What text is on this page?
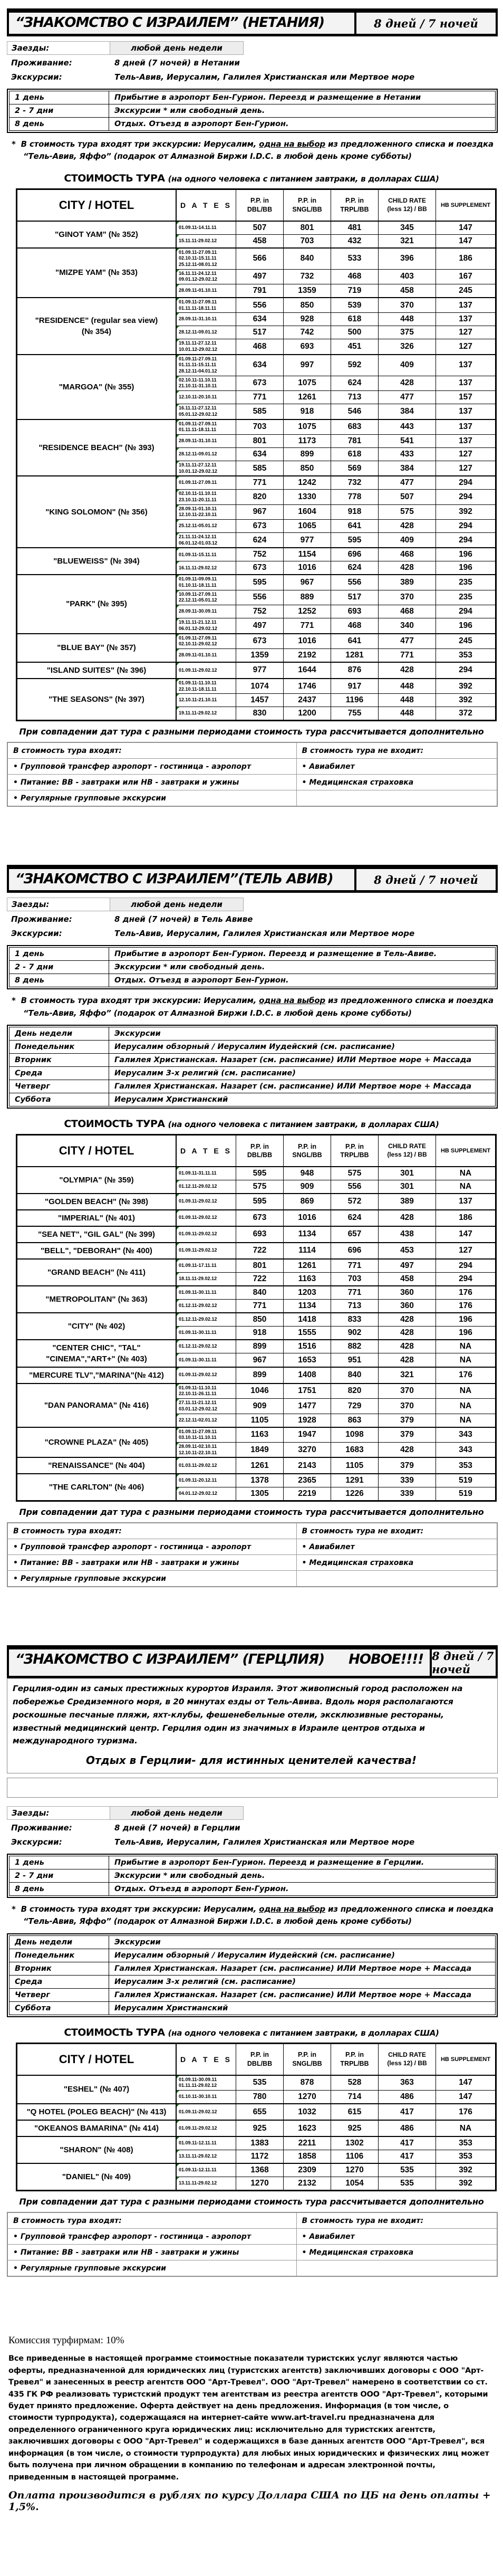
“ЗНАКОМСТВО С ИЗРАИЛЕМ” (НЕТАНИЯ)	8 дней / 7 ночей
Заезды:	любой день недели
Проживание:	8 дней (7 ночей) в Нетании
Экскурсии:	Тель-Авив, Иерусалим, Галилея Христианская или Мертвое море
1 день	Прибытие в аэропорт Бен-Гурион. Переезд и размещение в Нетании
2 - 7 дни	Экскурсии * или свободный день.
8 день	Отдых. Отъезд в аэропорт Бен-Гурион.
* В стоимость тура входят три экскурсии: Иерусалим, одна на выбор из предложенного списка и поездка “Тель-Авив, Яффо” (подарок от Алмазной Биржи I.D.C. в любой день кроме субботы)
СТОИМОСТЬ ТУРА (на одного человека с питанием завтраки, в долларах США)
CITY / HOTEL	D A T E S

P.P. in
DBL/BB

P.P. in
SNGL/BB

P.P. in
TRPL/BB

CHILD RATE
(less 12) / BB	HB SUPPLEMENT

"GINOT YAM" (№ 352)	01.09.11-14.11.11	507	801	481	345	147

	15.11.11-29.02.12	458	703	432	321	147

"MIZPE YAM" (№ 353)	01.09.11-27.09.11
02.10.11-15.11.11
25.12.11-08.01.12	566	840	533	396	186

	16.11.11-24.12.11
09.01.12-29.02.12	497	732	468	403	167

	28.09.11-01.10.11	791	1359	719	458	245

"RESIDENCE" (regular sea view)
(№ 354)

01.09.11-27.09.11
01.11.11-18.11.11	556	850	539	370	137

	28.09.11-31.10.11	634	928	618	448	137

	28.12.11-09.01.12	517	742	500	375	127

	19.11.11-27.12.11
10.01.12-29.02.12	468	693	451	326	127

"MARGOA" (№ 355)	01.09.11-27.09.11
01.11.11-15.11.11
28.12.11-04.01.12	634	997	592	409	137

	02.10.11-11.10.11
21.10.11-31.10.11	673	1075	624	428	137

	12.10.11-20.10.11	771	1261	713	477	157

	16.11.11-27.12.11
05.01.12-29.02.12	585	918	546	384	137

"RESIDENCE BEACH" (№ 393)	01.09.11-27.09.11
01.11.11-18.11.11	703	1075	683	443	137

	28.09.11-31.10.11	801	1173	781	541	137

	28.12.11-09.01.12	634	899	618	433	127

	19.11.11-27.12.11
10.01.12-29.02.12	585	850	569	384	127

"KING SOLOMON" (№ 356)	01.09.11-27.09.11	771	1242	732	477	294

	02.10.11-11.10.11
23.10.11-20.11.11	820	1330	778	507	294

	28.09.11-01.10.11
12.10.11-22.10.11	967	1604	918	575	392

	25.12.11-05.01.12	673	1065	641	428	294

	21.11.11-24.12.11
06.01.12-01.03.12	624	977	595	409	294

"BLUEWEISS" (№ 394)	01.09.11-15.11.11	752	1154	696	468	196

	16.11.11-29.02.12	673	1016	624	428	196

"PARK" (№ 395)	01.09.11-09.09.11
01.10.11-18.11.11	595	967	556	389	235

	10.09.11-27.09.11
22.12.11-05.01.12	556	889	517	370	235

	28.09.11-30.09.11	752	1252	693	468	294

	19.11.11-21.12.11
06.01.12-29.02.12	497	771	468	340	196

"BLUE BAY" (№ 357)	01.09.11-27.09.11
02.10.11-29.02.12	673	1016	641	477	245

	28.09.11-01.10.11	1359	2192	1281	771	353

"ISLAND SUITES" (№ 396)	01.09.11-29.02.12	977	1644	876	428	294

"THE SEASONS" (№ 397)	01.09.11-11.10.11
22.10.11-18.11.11	1074	1746	917	448	392

	12.10.11-21.10.11	1457	2437	1196	448	392

	19.11.11-29.02.12	830	1200	755	448	372
При совпадении дат тура с разными периодами стоимость тура рассчитывается дополнительно
В стоимость тура входят:	В стоимость тура не входит:
• Групповой трансфер аэропорт - гостиница - аэропорт	• Авиабилет
• Питание: BB - завтраки или HB - завтраки и ужины	• Медицинская страховка
• Регулярные групповые экскурсии	
“ЗНАКОМСТВО С ИЗРАИЛЕМ”(ТЕЛЬ АВИВ)	8 дней / 7 ночей
Заезды:	любой день недели
Проживание:	8 дней (7 ночей) в Тель Авиве
Экскурсии:	Тель-Авив, Иерусалим, Галилея Христианская или Мертвое море
1 день	Прибытие в аэропорт Бен-Гурион. Переезд и размещение в Тель-Авиве.
2 - 7 дни	Экскурсии * или свободный день.
8 день	Отдых. Отъезд в аэропорт Бен-Гурион.
* В стоимость тура входят три экскурсии: Иерусалим, одна на выбор из предложенного списка и поездка “Тель-Авив, Яффо” (подарок от Алмазной Биржи I.D.C. в любой день кроме субботы)
День недели	Экскурсии
Понедельник	Иерусалим обзорный / Иерусалим Иудейский (см. расписание)
Вторник	Галилея Христианская. Назарет (см. расписание) ИЛИ Мертвое море + Массада
Среда	Иерусалим 3-х религий (см. расписание)
Четверг	Галилея Христианская. Назарет (см. расписание) ИЛИ Мертвое море + Массада
Суббота	Иерусалим Христианский
СТОИМОСТЬ ТУРА (на одного человека с питанием завтраки, в долларах США)
CITY / HOTEL	D A T E S

P.P. in
DBL/BB

P.P. in
SNGL/BB

P.P. in
TRPL/BB

CHILD RATE
(less 12) / BB	HB SUPPLEMENT

"OLYMPIA" (№ 359)	01.09.11-31.11.11	595	948	575	301	NA

	01.12.11-29.02.12	575	909	556	301	NA

"GOLDEN BEACH" (№ 398)	01.09.11-29.02.12	595	869	572	389	137

"IMPERIAL" (№ 401)	01.09.11-29.02.12	673	1016	624	428	186

"SEA NET", "GIL GAL" (№ 399)	01.09.11-29.02.12	693	1134	657	438	147

"BELL", "DEBORAH" (№ 400)	01.09.11-29.02.12	722	1114	696	453	127

"GRAND BEACH" (№ 411)	01.09.11-17.11.11	801	1261	771	497	294

	18.11.11-29.02.12	722	1163	703	458	294

"METROPOLITAN" (№ 363)	01.09.11-30.11.11	840	1203	771	360	176

	01.12.11-29.02.12	771	1134	713	360	176

"CITY" (№ 402)	01.12.11-29.02.12	850	1418	833	428	196

	01.09.11-30.11.11	918	1555	902	428	196

"CENTER CHIC", "TAL"
"CINEMA","ART+" (№ 403)	01.12.11-29.02.12	899	1516	882	428	NA

	01.09.11-30.11.11	967	1653	951	428	NA

"MERCURE TLV","MARINA"(№ 412)	01.09.11-29.02.12	899	1408	840	321	176

"DAN PANORAMA" (№ 416)	01.09.11-11.10.11
22.10.11-26.11.11	1046	1751	820	370	NA

	27.11.11-21.12.11
03.01.12-29.02.12	909	1477	729	370	NA

	22.12.11-02.01.12	1105	1928	863	379	NA

"CROWNE PLAZA" (№ 405)	01.09.11-27.09.11
03.10.11-11.10.11	1163	1947	1098	379	343

	28.09.11-02.10.11
12.10.11-22.10.11	1849	3270	1683	428	343

"RENAISSANCE" (№ 404)	01.03.11-29.02.12	1261	2143	1105	379	353

"THE CARLTON" (№ 406)	01.09.11-20.12.11	1378	2365	1291	339	519

	04.01.12-29.02.12	1305	2219	1226	339	519
При совпадении дат тура с разными периодами стоимость тура рассчитывается дополнительно
В стоимость тура входят:	В стоимость тура не входит:
• Групповой трансфер аэропорт - гостиница - аэропорт	• Авиабилет
• Питание: BB - завтраки или HB - завтраки и ужины	• Медицинская страховка
• Регулярные групповые экскурсии	
“ЗНАКОМСТВО С ИЗРАИЛЕМ” (ГЕРЦЛИЯ) НОВОЕ!!!! 8 дней / 7 ночей
Герцлия-один из самых престижных курортов Израиля. Этот живописный город расположен на побережье Средиземного моря, в 20 минутах езды от Тель-Авива. Вдоль моря располагаются роскошные песчаные пляжи, яхт-клубы, фешенебельные отели, эксклюзивные рестораны, известный медицинский центр. Герцлия один из значимых в Израиле центров отдыха и международного туризма.
Отдых в Герцлии- для истинных ценителей качества!
Заезды:	любой день недели
Проживание:	8 дней (7 ночей) в Герцлии
Экскурсии:	Тель-Авив, Иерусалим, Галилея Христианская или Мертвое море
1 день	Прибытие в аэропорт Бен-Гурион. Переезд и размещение в Герцлии.
2 - 7 дни	Экскурсии * или свободный день.
8 день	Отдых. Отъезд в аэропорт Бен-Гурион.
* В стоимость тура входят три экскурсии: Иерусалим, одна на выбор из предложенного списка и поездка “Тель-Авив, Яффо” (подарок от Алмазной Биржи I.D.C. в любой день кроме субботы)
День недели	Экскурсии
Понедельник	Иерусалим обзорный / Иерусалим Иудейский (см. расписание)
Вторник	Галилея Христианская. Назарет (см. расписание) ИЛИ Мертвое море + Массада
Среда	Иерусалим 3-х религий (см. расписание)
Четверг	Галилея Христианская. Назарет (см. расписание) ИЛИ Мертвое море + Массада
Суббота	Иерусалим Христианский
СТОИМОСТЬ ТУРА (на одного человека с питанием завтраки, в долларах США)
CITY / HOTEL	D A T E S

P.P. in
DBL/BB

P.P. in
SNGL/BB

P.P. in
TRPL/BB

CHILD RATE
(less 12) / BB	HB SUPPLEMENT

"ESHEL" (№ 407)	01.09.11-30.09.11
01.11.11-29.02.12	535	878	528	363	147

	01.10.11-30.10.11	780	1270	714	486	147

"Q HOTEL (POLEG BEACH)" (№ 413)	01.09.11-29.02.12	655	1032	615	417	176

"OKEANOS BAMARINA" (№ 414)	01.09.11-29.02.12	925	1623	925	486	NA

"SHARON" (№ 408)	01.09.11-12.11.11	1383	2211	1302	417	353

	13.11.11-29.02.12	1172	1858	1106	417	353

"DANIEL" (№ 409)	01.09.11-12.11.11	1368	2309	1270	535	392

	13.11.11-29.02.12	1270	2132	1054	535	392
При совпадении дат тура с разными периодами стоимость тура рассчитывается дополнительно
В стоимость тура входят:	В стоимость тура не входит:
• Групповой трансфер аэропорт - гостиница - аэропорт	• Авиабилет
• Питание: BB - завтраки или HB - завтраки и ужины	• Медицинская страховка
• Регулярные групповые экскурсии	
Комиссия турфирмам: 10%
Все приведенные в настоящей программе стоимостные показатели туристских услуг являются частью оферты, предназначенной для юридических лиц (туристских агентств) заключивших договоры с ООО "Арт-Тревел" и занесенных в реестр агентств ООО "Арт-Тревел". ООО "Арт-Тревел" намерено в соответствии со ст. 435 ГК РФ реализовать туристский продукт тем агентствам из реестра агентств ООО "Арт-Тревел", которыми будет принято предложение. Оферта действует на день предложения. Информация (в том числе, о стоимости турпродукта), содержащаяся на интернет-сайте www.art-travel.ru предназначена для определенного ограниченного круга юридических лиц: исключительно для туристских агентств, заключивших договоры с ООО "Арт-Тревел" и содержащихся в базе данных агентств ООО "Арт-Тревел", вся информация (в том числе, о стоимости турпродукта) для любых иных юридических и физических лиц может быть получена при личном обращении в компанию по телефонам и адресам электронной почты, приведенным в настоящей программе.
Оплата производится в рублях по курсу Доллара США по ЦБ на день оплаты + 1,5%.
